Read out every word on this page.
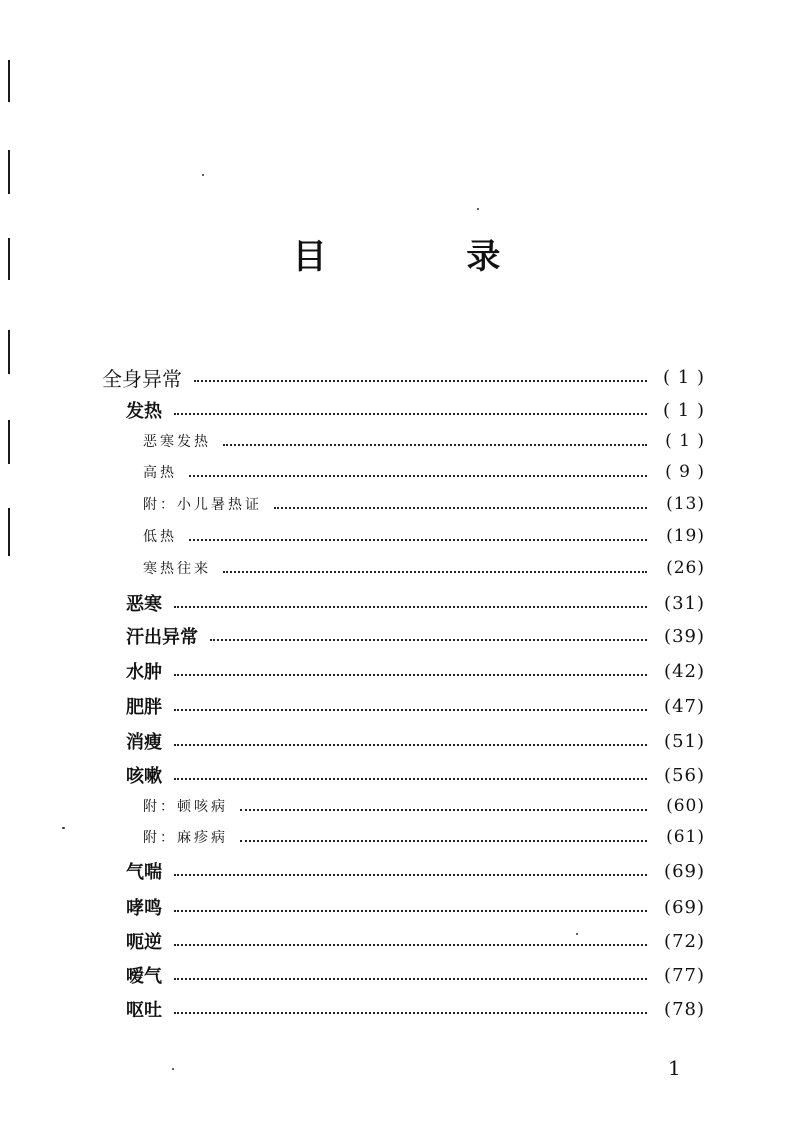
目 录
全身异常	( 1 )
发热	( 1 )
恶寒发热	( 1 )
高热	( 9 )
附：小儿暑热证	(13)
低热	(19)
寒热往来	(26)
恶寒	(31)
汗出异常	(39)
水肿	(42)
肥胖	(47)
消瘦	(51)
咳嗽	(56)
附：顿咳病	(60)
附：麻疹病	(61)
气喘	(69)
哮鸣	(69)
呃逆	(72)
嗳气	(77)
呕吐	(78)
1
